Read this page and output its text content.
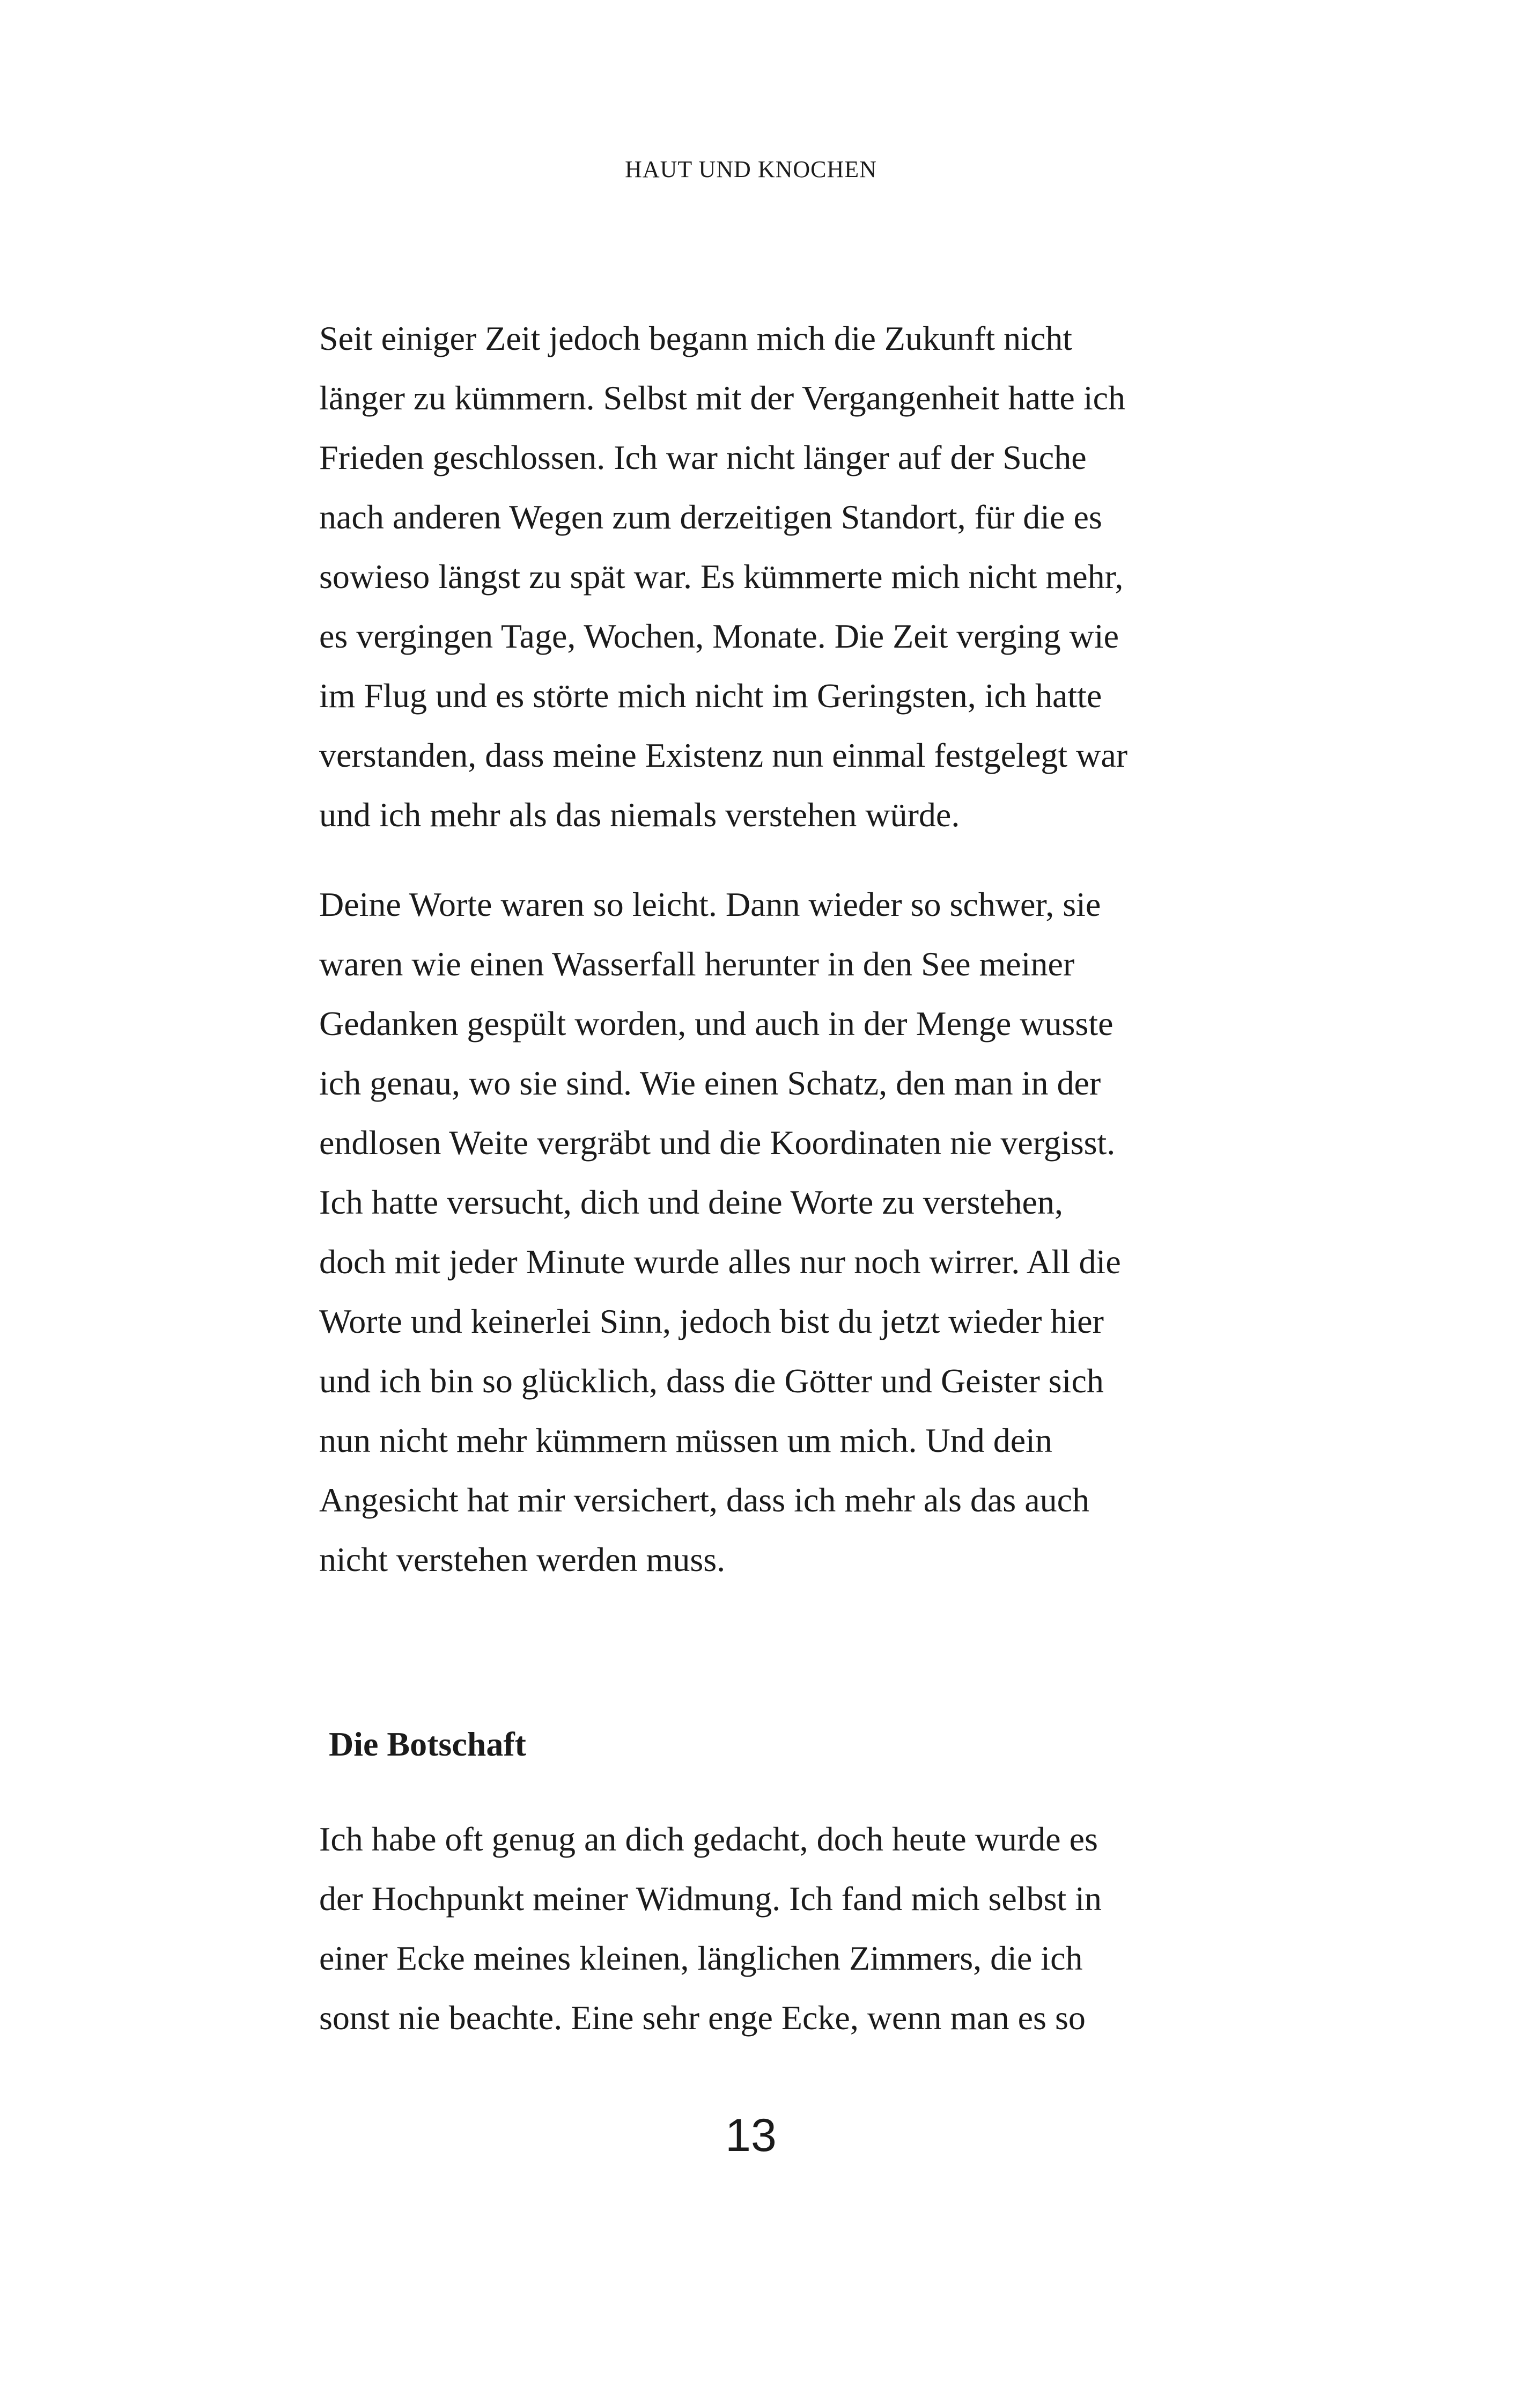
HAUT UND KNOCHEN
Seit einiger Zeit jedoch begann mich die Zukunft nicht
länger zu kümmern. Selbst mit der Vergangenheit hatte ich
Frieden geschlossen. Ich war nicht länger auf der Suche
nach anderen Wegen zum derzeitigen Standort, für die es
sowieso längst zu spät war. Es kümmerte mich nicht mehr,
es vergingen Tage, Wochen, Monate. Die Zeit verging wie
im Flug und es störte mich nicht im Geringsten, ich hatte
verstanden, dass meine Existenz nun einmal festgelegt war
und ich mehr als das niemals verstehen würde.
Deine Worte waren so leicht. Dann wieder so schwer, sie
waren wie einen Wasserfall herunter in den See meiner
Gedanken gespült worden, und auch in der Menge wusste
ich genau, wo sie sind. Wie einen Schatz, den man in der
endlosen Weite vergräbt und die Koordinaten nie vergisst.
Ich hatte versucht, dich und deine Worte zu verstehen,
doch mit jeder Minute wurde alles nur noch wirrer. All die
Worte und keinerlei Sinn, jedoch bist du jetzt wieder hier
und ich bin so glücklich, dass die Götter und Geister sich
nun nicht mehr kümmern müssen um mich. Und dein
Angesicht hat mir versichert, dass ich mehr als das auch
nicht verstehen werden muss.
Die Botschaft
Ich habe oft genug an dich gedacht, doch heute wurde es
der Hochpunkt meiner Widmung. Ich fand mich selbst in
einer Ecke meines kleinen, länglichen Zimmers, die ich
sonst nie beachte. Eine sehr enge Ecke, wenn man es so
13
